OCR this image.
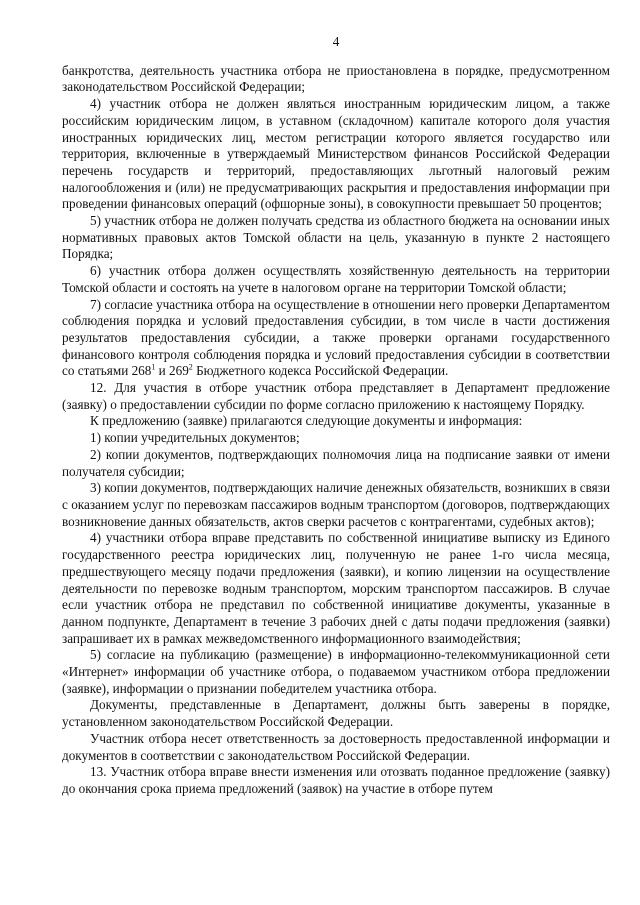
4

банкротства, деятельность участника отбора не приостановлена в порядке, предусмотренном законодательством Российской Федерации;

4) участник отбора не должен являться иностранным юридическим лицом, а также российским юридическим лицом, в уставном (складочном) капитале которого доля участия иностранных юридических лиц, местом регистрации которого является государство или территория, включенные в утверждаемый Министерством финансов Российской Федерации перечень государств и территорий, предоставляющих льготный налоговый режим налогообложения и (или) не предусматривающих раскрытия и предоставления информации при проведении финансовых операций (офшорные зоны), в совокупности превышает 50 процентов;

5) участник отбора не должен получать средства из областного бюджета на основании иных нормативных правовых актов Томской области на цель, указанную в пункте 2 настоящего Порядка;

6) участник отбора должен осуществлять хозяйственную деятельность на территории Томской области и состоять на учете в налоговом органе на территории Томской области;

7) согласие участника отбора на осуществление в отношении него проверки Департаментом соблюдения порядка и условий предоставления субсидии, в том числе в части достижения результатов предоставления субсидии, а также проверки органами государственного финансового контроля соблюдения порядка и условий предоставления субсидии в соответствии со статьями $268^1$ и $269^2$ Бюджетного кодекса Российской Федерации.

12. Для участия в отборе участник отбора представляет в Департамент предложение (заявку) о предоставлении субсидии по форме согласно приложению к настоящему Порядку.

К предложению (заявке) прилагаются следующие документы и информация:

1) копии учредительных документов;

2) копии документов, подтверждающих полномочия лица на подписание заявки от имени получателя субсидии;

3) копии документов, подтверждающих наличие денежных обязательств, возникших в связи с оказанием услуг по перевозкам пассажиров водным транспортом (договоров, подтверждающих возникновение данных обязательств, актов сверки расчетов с контрагентами, судебных актов);

4) участники отбора вправе представить по собственной инициативе выписку из Единого государственного реестра юридических лиц, полученную не ранее 1-го числа месяца, предшествующего месяцу подачи предложения (заявки), и копию лицензии на осуществление деятельности по перевозке водным транспортом, морским транспортом пассажиров. В случае если участник отбора не представил по собственной инициативе документы, указанные в данном подпункте, Департамент в течение 3 рабочих дней с даты подачи предложения (заявки) запрашивает их в рамках межведомственного информационного взаимодействия;

5) согласие на публикацию (размещение) в информационно-телекоммуникационной сети «Интернет» информации об участнике отбора, о подаваемом участником отбора предложении (заявке), информации о признании победителем участника отбора.

Документы, представленные в Департамент, должны быть заверены в порядке, установленном законодательством Российской Федерации.

Участник отбора несет ответственность за достоверность предоставленной информации и документов в соответствии с законодательством Российской Федерации.

13. Участник отбора вправе внести изменения или отозвать поданное предложение (заявку) до окончания срока приема предложений (заявок) на участие в отборе путем
